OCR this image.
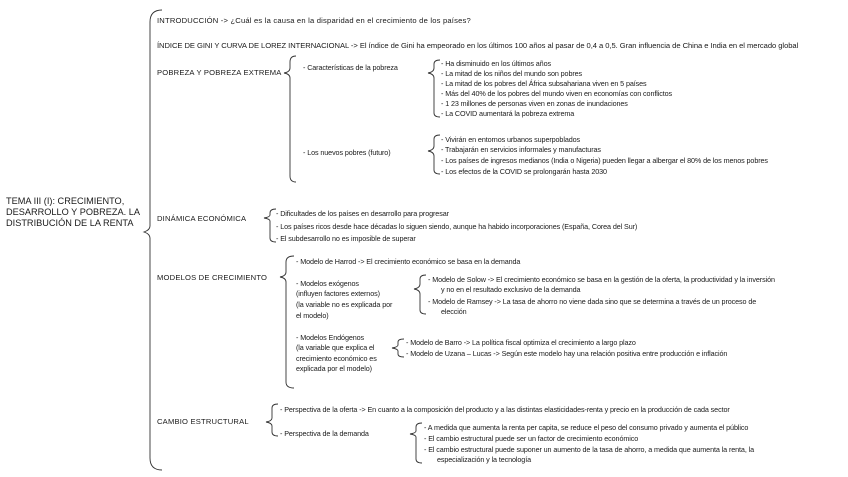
TEMA III (I): CRECIMIENTO, DESARROLLO Y POBREZA. LA DISTRIBUCIÓN DE LA RENTA
INTRODUCCIÓN -> ¿Cuál es la causa en la disparidad en el crecimiento de los países?
ÍNDICE DE GINI Y CURVA DE LOREZ INTERNACIONAL -> El índice de Gini ha empeorado en los últimos 100 años al pasar de 0,4 a 0,5. Gran influencia de China e India en el mercado global
POBREZA Y POBREZA EXTREMA
- Características de la pobreza	- Ha disminuido en los últimos años
- La mitad de los niños del mundo son pobres
- La mitad de los pobres del África subsahariana viven en 5 países
- Más del 40% de los pobres del mundo viven en economías con conflictos
- 1 23 millones de personas viven en zonas de inundaciones
- La COVID aumentará la pobreza extrema
- Los nuevos pobres (futuro)
- Vivirán en entornos urbanos superpoblados
- Trabajarán en servicios informales y manufacturas
- Los países de ingresos medianos (India o Nigeria) pueden llegar a albergar el 80% de los menos pobres
- Los efectos de la COVID se prolongarán hasta 2030
DINÁMICA ECONÓMICA
- Dificultades de los países en desarrollo para progresar
- Los países ricos desde hace décadas lo siguen siendo, aunque ha habido incorporaciones (España, Corea del Sur)
- El subdesarrollo no es imposible de superar
MODELOS DE CRECIMIENTO
- Modelo de Harrod -> El crecimiento económico se basa en la demanda
- Modelos exógenos
(influyen factores externos)
(la variable no es explicada por
el modelo)
- Modelo de Solow -> El crecimiento económico se basa en la gestión de la oferta, la productividad y la inversión
y no en el resultado exclusivo de la demanda
- Modelo de Ramsey -> La tasa de ahorro no viene dada sino que se determina a través de un proceso de
elección
- Modelos Endógenos
(la variable que explica el
crecimiento económico es
explicada por el modelo)
- Modelo de Barro -> La política fiscal optimiza el crecimiento a largo plazo
- Modelo de Uzana – Lucas -> Según este modelo hay una relación positiva entre producción e inflación
CAMBIO ESTRUCTURAL
- Perspectiva de la oferta -> En cuanto a la composición del producto y a las distintas elasticidades-renta y precio en la producción de cada sector
- Perspectiva de la demanda
- A medida que aumenta la renta per capita, se reduce el peso del consumo privado y aumenta el público
- El cambio estructural puede ser un factor de crecimiento económico
- El cambio estructural puede suponer un aumento de la tasa de ahorro, a medida que aumenta la renta, la
especialización y la tecnología
